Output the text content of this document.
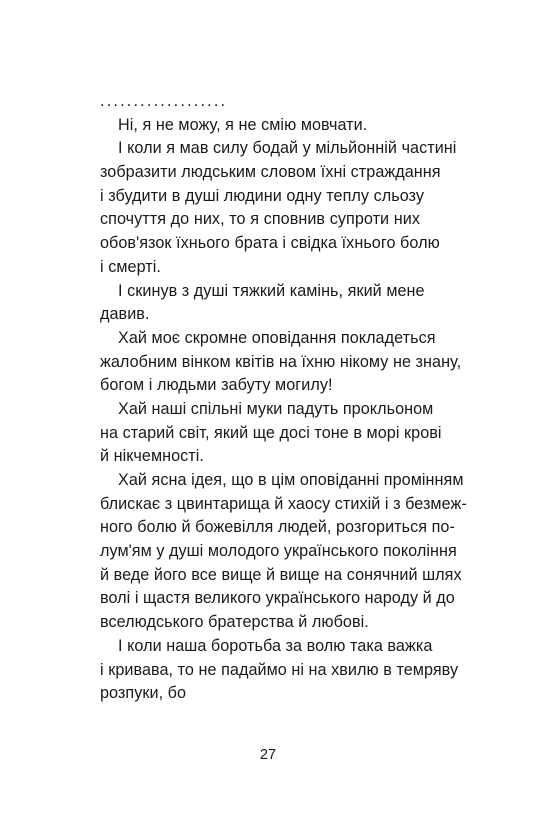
...................
Ні, я не можу, я не смію мовчати.
І коли я мав силу бодай у мільйонній частині
зобразити людським словом їхні страждання
і збудити в душі людини одну теплу сльозу
спочуття до них, то я сповнив супроти них
обов'язок їхнього брата і свідка їхнього болю
і смерті.
І скинув з душі тяжкий камінь, який мене
давив.
Хай моє скромне оповідання покладеться
жалобним вінком квітів на їхню нікому не знану,
богом і людьми забуту могилу!
Хай наші спільні муки падуть прокльоном
на старий світ, який ще досі тоне в морі крові
й нікчемності.
Хай ясна ідея, що в цім оповіданні промінням
блискає з цвинтарища й хаосу стихій і з безмеж-
ного болю й божевілля людей, розгориться по-
лум'ям у душі молодого українського покоління
й веде його все вище й вище на сонячний шлях
волі і щастя великого українського народу й до
вселюдського братерства й любові.
І коли наша боротьба за волю така важка
і кривава, то не падаймо ні на хвилю в темряву
розпуки, бо
27
